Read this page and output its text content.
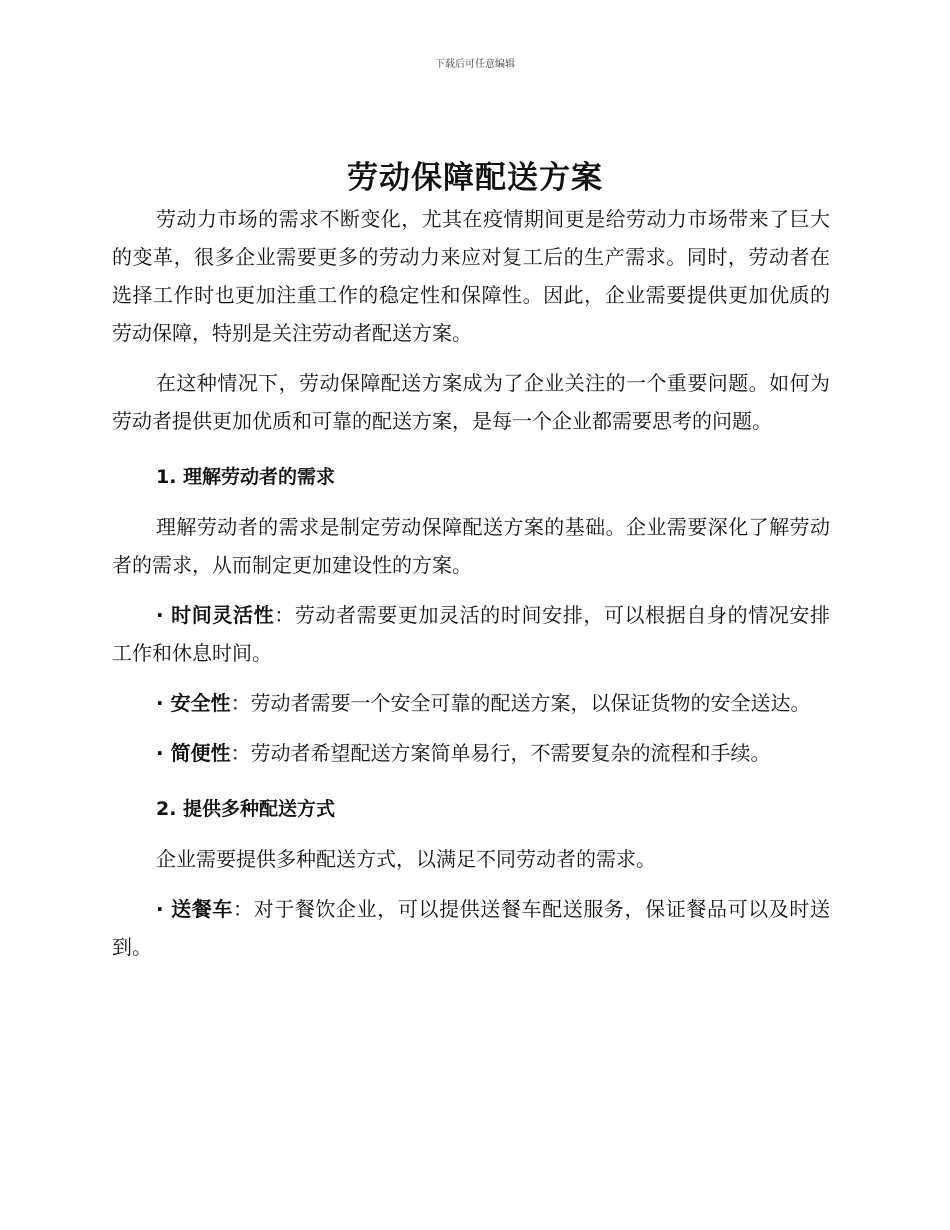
下载后可任意编辑
劳动保障配送方案

劳动力市场的需求不断变化，尤其在疫情期间更是给劳动力市场带来了巨大的变革，很多企业需要更多的劳动力来应对复工后的生产需求。同时，劳动者在选择工作时也更加注重工作的稳定性和保障性。因此，企业需要提供更加优质的劳动保障，特别是关注劳动者配送方案。

在这种情况下，劳动保障配送方案成为了企业关注的一个重要问题。如何为劳动者提供更加优质和可靠的配送方案，是每一个企业都需要思考的问题。

1. 理解劳动者的需求

理解劳动者的需求是制定劳动保障配送方案的基础。企业需要深化了解劳动者的需求，从而制定更加建设性的方案。

· 时间灵活性：劳动者需要更加灵活的时间安排，可以根据自身的情况安排工作和休息时间。

· 安全性：劳动者需要一个安全可靠的配送方案，以保证货物的安全送达。

· 简便性：劳动者希望配送方案简单易行，不需要复杂的流程和手续。

2. 提供多种配送方式

企业需要提供多种配送方式，以满足不同劳动者的需求。

· 送餐车：对于餐饮企业，可以提供送餐车配送服务，保证餐品可以及时送到。
